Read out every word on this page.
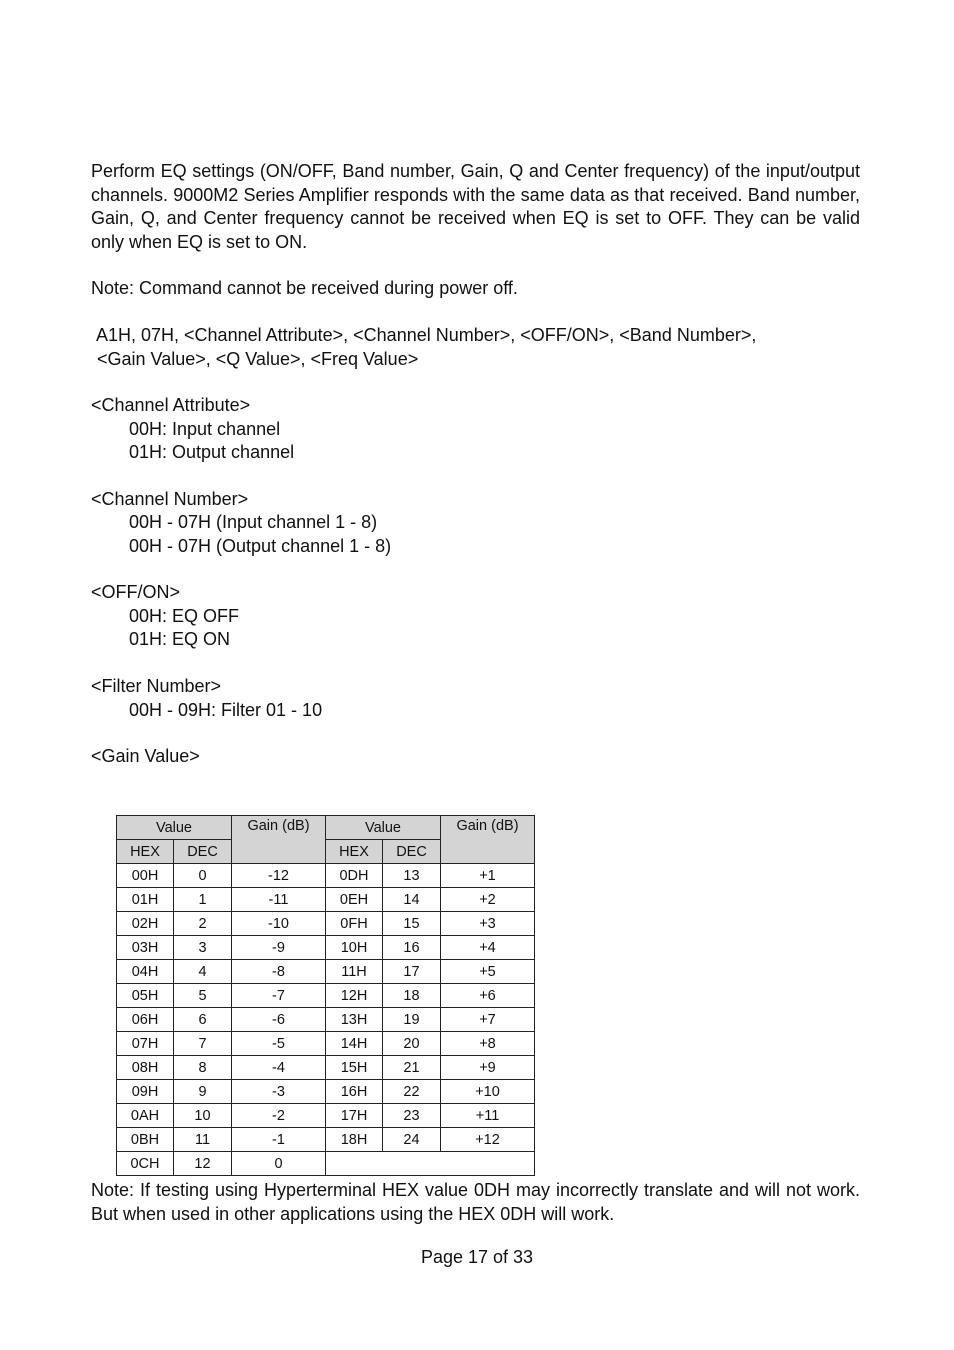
Perform EQ settings (ON/OFF, Band number, Gain, Q and Center frequency) of the input/output channels. 9000M2 Series Amplifier responds with the same data as that received. Band number, Gain, Q, and Center frequency cannot be received when EQ is set to OFF. They can be valid only when EQ is set to ON.

Note: Command cannot be received during power off.

A1H, 07H, <Channel Attribute>, <Channel Number>, <OFF/ON>, <Band Number>,

<Gain Value>, <Q Value>, <Freq Value>

<Channel Attribute>

00H: Input channel

01H: Output channel

<Channel Number>

00H - 07H (Input channel 1 - 8)

00H - 07H (Output channel 1 - 8)

<OFF/ON>

00H: EQ OFF

01H: EQ ON

<Filter Number>

00H - 09H: Filter 01 - 10

<Gain Value>

Value		Gain (dB)	Value		Gain (dB)
HEX	DEC		HEX	DEC	
00H	0	-12	0DH	13	+1
01H	1	-11	0EH	14	+2
02H	2	-10	0FH	15	+3
03H	3	-9	10H	16	+4
04H	4	-8	11H	17	+5
05H	5	-7	12H	18	+6
06H	6	-6	13H	19	+7
07H	7	-5	14H	20	+8
08H	8	-4	15H	21	+9
09H	9	-3	16H	22	+10
0AH	10	-2	17H	23	+11
0BH	11	-1	18H	24	+12
0CH	12	0			

Note: If testing using Hyperterminal HEX value 0DH may incorrectly translate and will not work. But when used in other applications using the HEX 0DH will work.

Page 17 of 33
